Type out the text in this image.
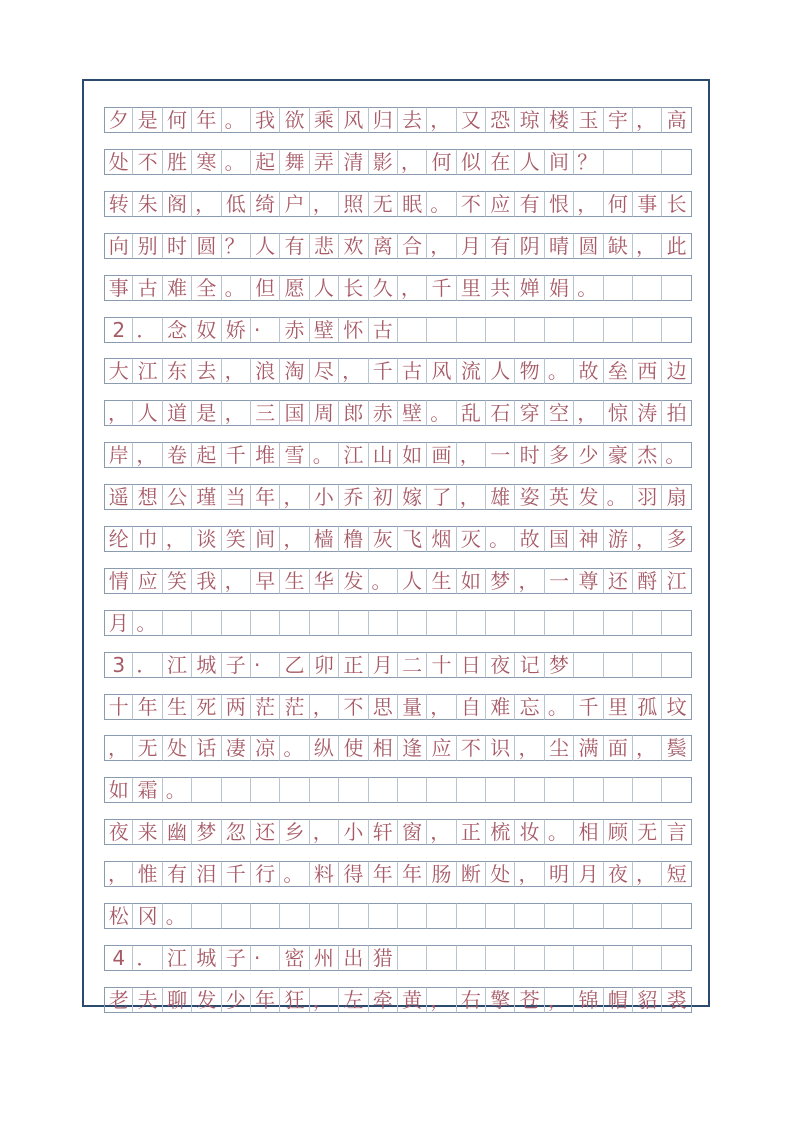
夕 是 何 年 。 我 欲 乘 风 归 去 ， 又 恐 琼 楼 玉 宇 ， 高
处 不 胜 寒 。 起 舞 弄 清 影 ， 何 似 在 人 间 ？
转 朱 阁 ， 低 绮 户 ， 照 无 眠 。 不 应 有 恨 ， 何 事 长
向 别 时 圆 ？ 人 有 悲 欢 离 合 ， 月 有 阴 晴 圆 缺 ， 此
事 古 难 全 。 但 愿 人 长 久 ， 千 里 共 婵 娟 。
2 ． 念 奴 娇 ·	赤 壁 怀 古
大 江 东 去 ， 浪 淘 尽 ， 千 古 风 流 人 物 。 故 垒 西 边
， 人 道 是 ， 三 国 周 郎 赤 壁 。 乱 石 穿 空 ， 惊 涛 拍
岸 ， 卷 起 千 堆 雪 。 江 山 如 画 ， 一 时 多 少 豪 杰 。
遥 想 公 瑾 当 年 ， 小 乔 初 嫁 了 ， 雄 姿 英 发 。 羽 扇
纶 巾 ， 谈 笑 间 ， 樯 橹 灰 飞 烟 灭 。 故 国 神 游 ， 多
情 应 笑 我 ， 早 生 华 发 。 人 生 如 梦 ， 一 尊 还 酹 江
月 。
3 ． 江 城 子 ·	乙 卯 正 月 二 十 日 夜 记 梦
十 年 生 死 两 茫 茫 ， 不 思 量 ， 自 难 忘 。 千 里 孤 坟
， 无 处 话 凄 凉 。 纵 使 相 逢 应 不 识 ， 尘 满 面 ， 鬓
如 霜 。
夜 来 幽 梦 忽 还 乡 ， 小 轩 窗 ， 正 梳 妆 。 相 顾 无 言
， 惟 有 泪 千 行 。 料 得 年 年 肠 断 处 ， 明 月 夜 ， 短
松 冈 。
4 ． 江 城 子 ·	密 州 出 猎
老 夫 聊 发 少 年 狂 ， 左 牵 黄 ， 右 擎 苍 ， 锦 帽 貂 裘
